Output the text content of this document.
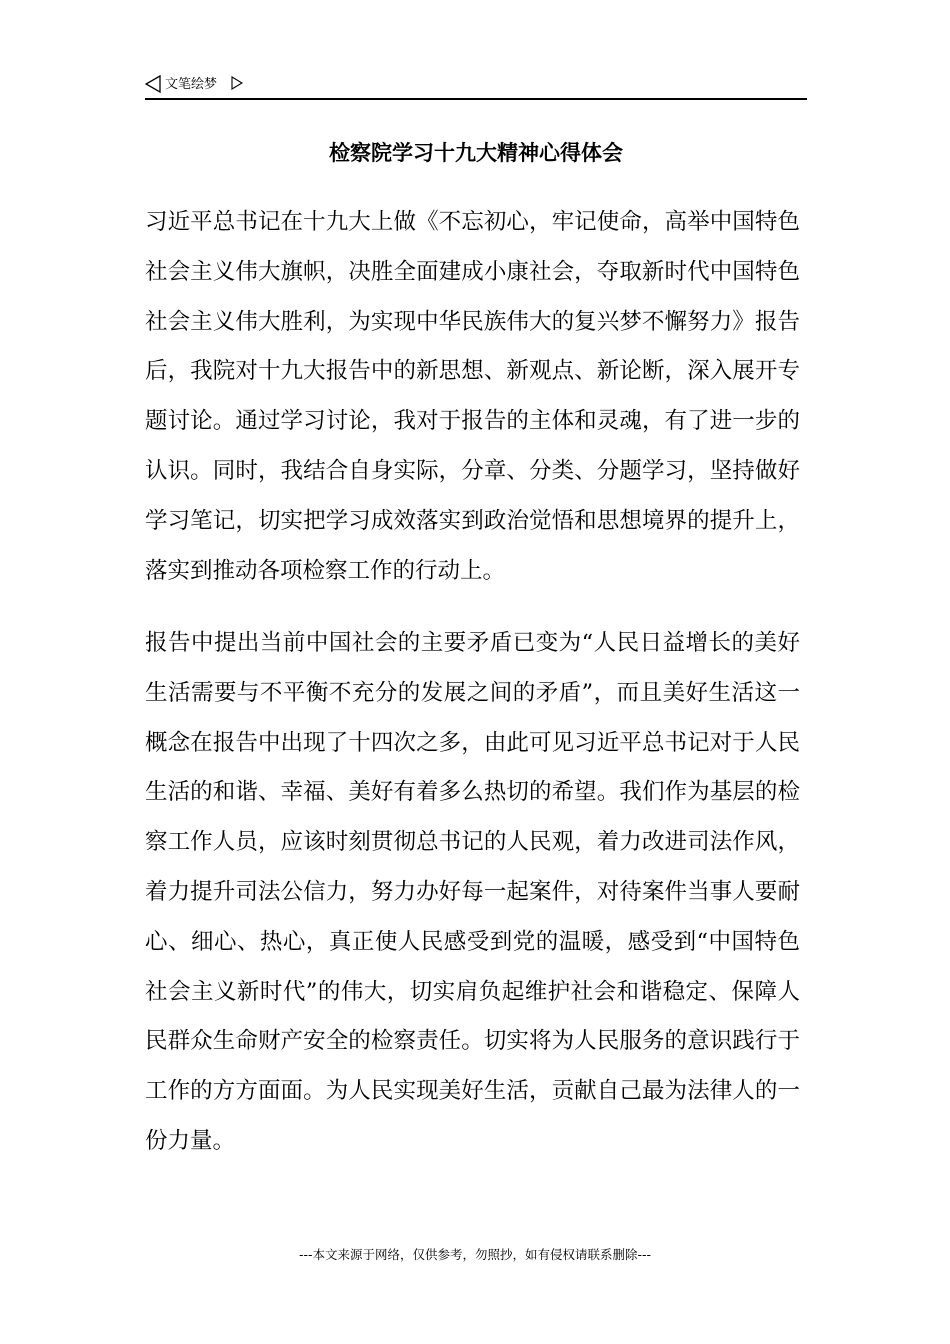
文笔绘梦
检察院学习十九大精神心得体会

习近平总书记在十九大上做《不忘初心，牢记使命，高举中国特色社会主义伟大旗帜，决胜全面建成小康社会，夺取新时代中国特色社会主义伟大胜利，为实现中华民族伟大的复兴梦不懈努力》报告后，我院对十九大报告中的新思想、新观点、新论断，深入展开专题讨论。通过学习讨论，我对于报告的主体和灵魂，有了进一步的认识。同时，我结合自身实际，分章、分类、分题学习，坚持做好学习笔记，切实把学习成效落实到政治觉悟和思想境界的提升上，落实到推动各项检察工作的行动上。

报告中提出当前中国社会的主要矛盾已变为“人民日益增长的美好生活需要与不平衡不充分的发展之间的矛盾”，而且美好生活这一概念在报告中出现了十四次之多，由此可见习近平总书记对于人民生活的和谐、幸福、美好有着多么热切的希望。我们作为基层的检察工作人员，应该时刻贯彻总书记的人民观，着力改进司法作风，着力提升司法公信力，努力办好每一起案件，对待案件当事人要耐心、细心、热心，真正使人民感受到党的温暖，感受到“中国特色社会主义新时代”的伟大，切实肩负起维护社会和谐稳定、保障人民群众生命财产安全的检察责任。切实将为人民服务的意识践行于工作的方方面面。为人民实现美好生活，贡献自己最为法律人的一份力量。

---本文来源于网络，仅供参考，勿照抄，如有侵权请联系删除---
